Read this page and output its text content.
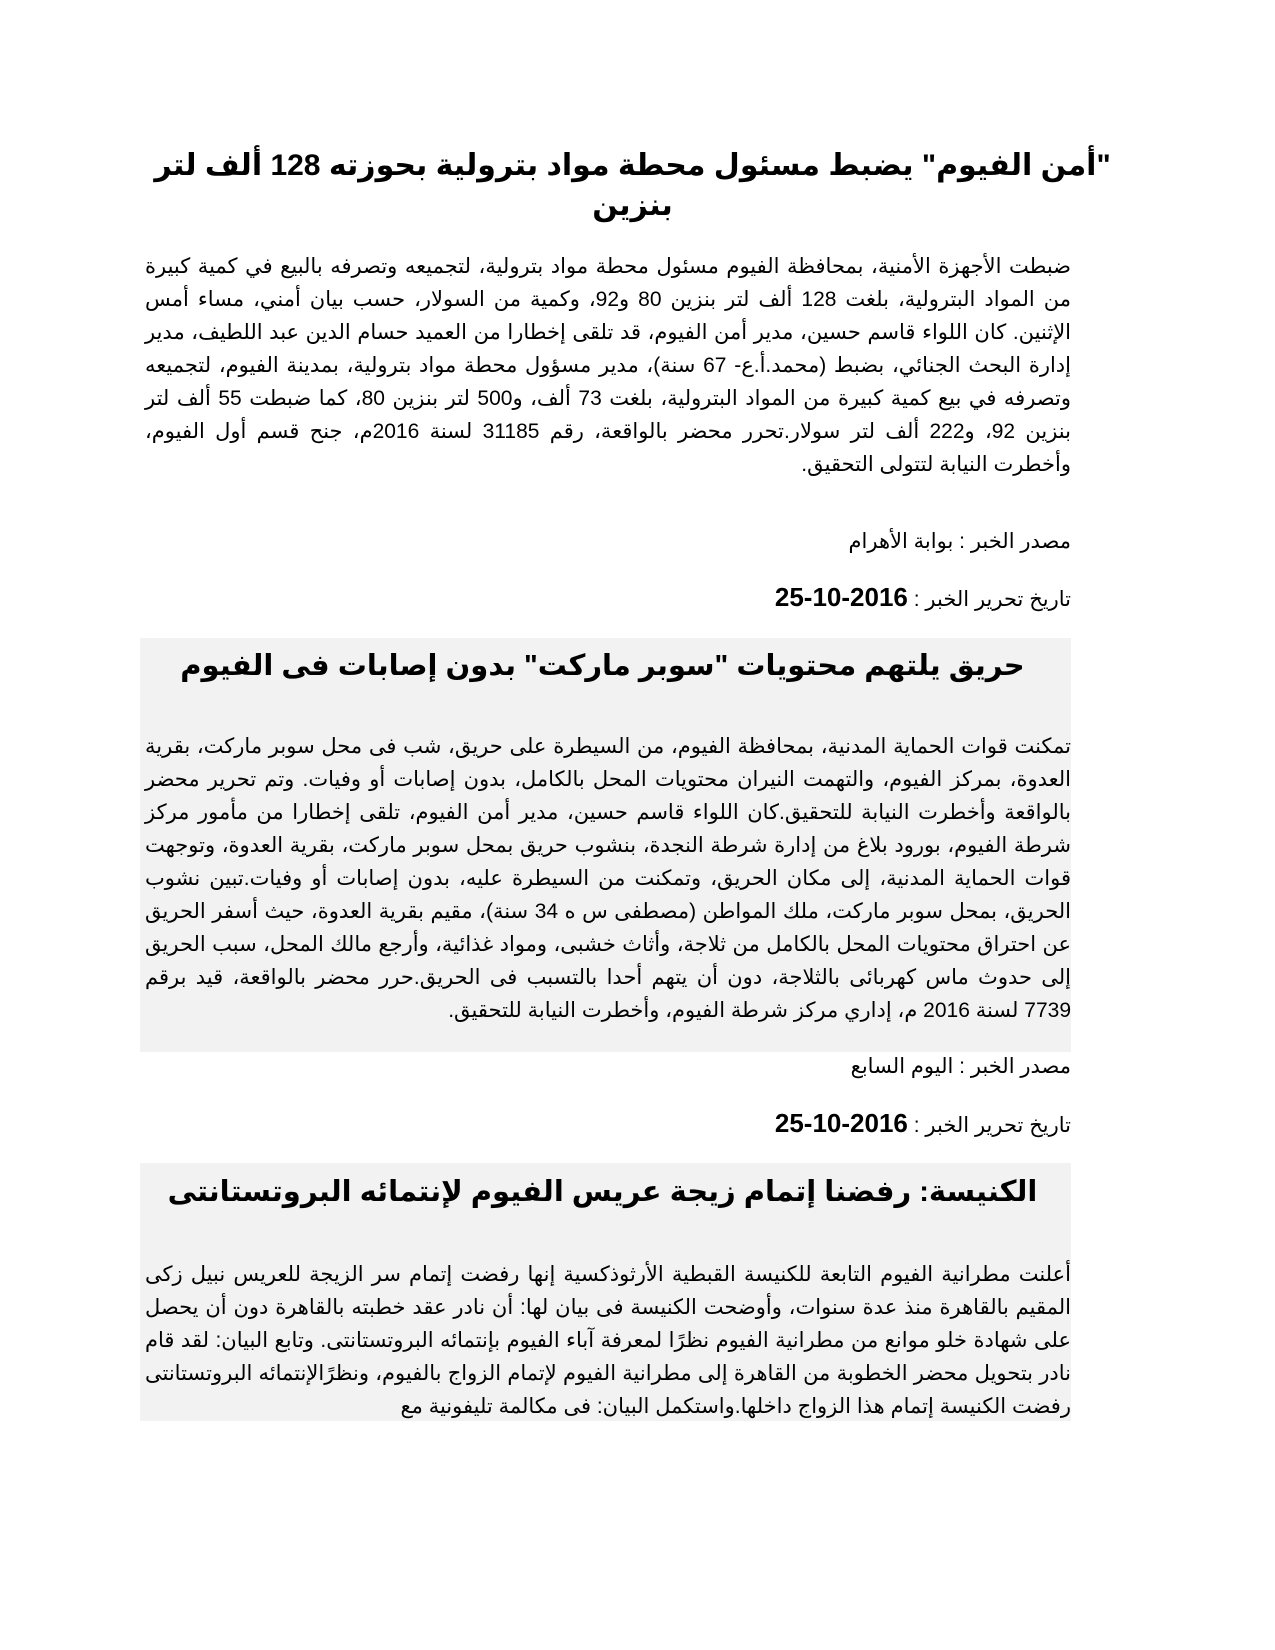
"أمن الفيوم" يضبط مسئول محطة مواد بترولية بحوزته 128 ألف لتر بنزين

ضبطت الأجهزة الأمنية، بمحافظة الفيوم مسئول محطة مواد بترولية، لتجميعه وتصرفه بالبيع في كمية كبيرة من المواد البترولية، بلغت 128 ألف لتر بنزين 80 و92، وكمية من السولار، حسب بيان أمني، مساء أمس الإثنين. كان اللواء قاسم حسين، مدير أمن الفيوم، قد تلقى إخطارا من العميد حسام الدين عبد اللطيف، مدير إدارة البحث الجنائي، بضبط (محمد.أ.ع- 67 سنة)، مدير مسؤول محطة مواد بترولية، بمدينة الفيوم، لتجميعه وتصرفه في بيع كمية كبيرة من المواد البترولية، بلغت 73 ألف، و500 لتر بنزين 80، كما ضبطت 55 ألف لتر بنزين 92، و222 ألف لتر سولار.تحرر محضر بالواقعة، رقم 31185 لسنة 2016م، جنح قسم أول الفيوم، وأخطرت النيابة لتتولى التحقيق.

مصدر الخبر : بوابة الأهرام
تاريخ تحرير الخبر : 2016-10-25
حريق يلتهم محتويات "سوبر ماركت" بدون إصابات فى الفيوم

تمكنت قوات الحماية المدنية، بمحافظة الفيوم، من السيطرة على حريق، شب فى محل سوبر ماركت، بقرية العدوة، بمركز الفيوم، والتهمت النيران محتويات المحل بالكامل، بدون إصابات أو وفيات. وتم تحرير محضر بالواقعة وأخطرت النيابة للتحقيق.كان اللواء قاسم حسين، مدير أمن الفيوم، تلقى إخطارا من مأمور مركز شرطة الفيوم، بورود بلاغ من إدارة شرطة النجدة، بنشوب حريق بمحل سوبر ماركت، بقرية العدوة، وتوجهت قوات الحماية المدنية، إلى مكان الحريق، وتمكنت من السيطرة عليه، بدون إصابات أو وفيات.تبين نشوب الحريق، بمحل سوبر ماركت، ملك المواطن (مصطفى س ه 34 سنة)، مقيم بقرية العدوة، حيث أسفر الحريق عن احتراق محتويات المحل بالكامل من ثلاجة، وأثاث خشبى، ومواد غذائية، وأرجع مالك المحل، سبب الحريق إلى حدوث ماس كهربائى بالثلاجة، دون أن يتهم أحدا بالتسبب فى الحريق.حرر محضر بالواقعة، قيد برقم 7739 لسنة 2016 م، إداري مركز شرطة الفيوم، وأخطرت النيابة للتحقيق.

مصدر الخبر : اليوم السابع
تاريخ تحرير الخبر : 2016-10-25
الكنيسة: رفضنا إتمام زيجة عريس الفيوم لإنتمائه البروتستانتى

أعلنت مطرانية الفيوم التابعة للكنيسة القبطية الأرثوذكسية إنها رفضت إتمام سر الزيجة للعريس نبيل زكى المقيم بالقاهرة منذ عدة سنوات، وأوضحت الكنيسة فى بيان لها: أن نادر عقد خطبته بالقاهرة دون أن يحصل على شهادة خلو موانع من مطرانية الفيوم نظرًا لمعرفة آباء الفيوم بإنتمائه البروتستانتى. وتابع البيان: لقد قام نادر بتحويل محضر الخطوبة من القاهرة إلى مطرانية الفيوم لإتمام الزواج بالفيوم، ونظرًالإنتمائه البروتستانتى رفضت الكنيسة إتمام هذا الزواج داخلها.واستكمل البيان: فى مكالمة تليفونية مع
